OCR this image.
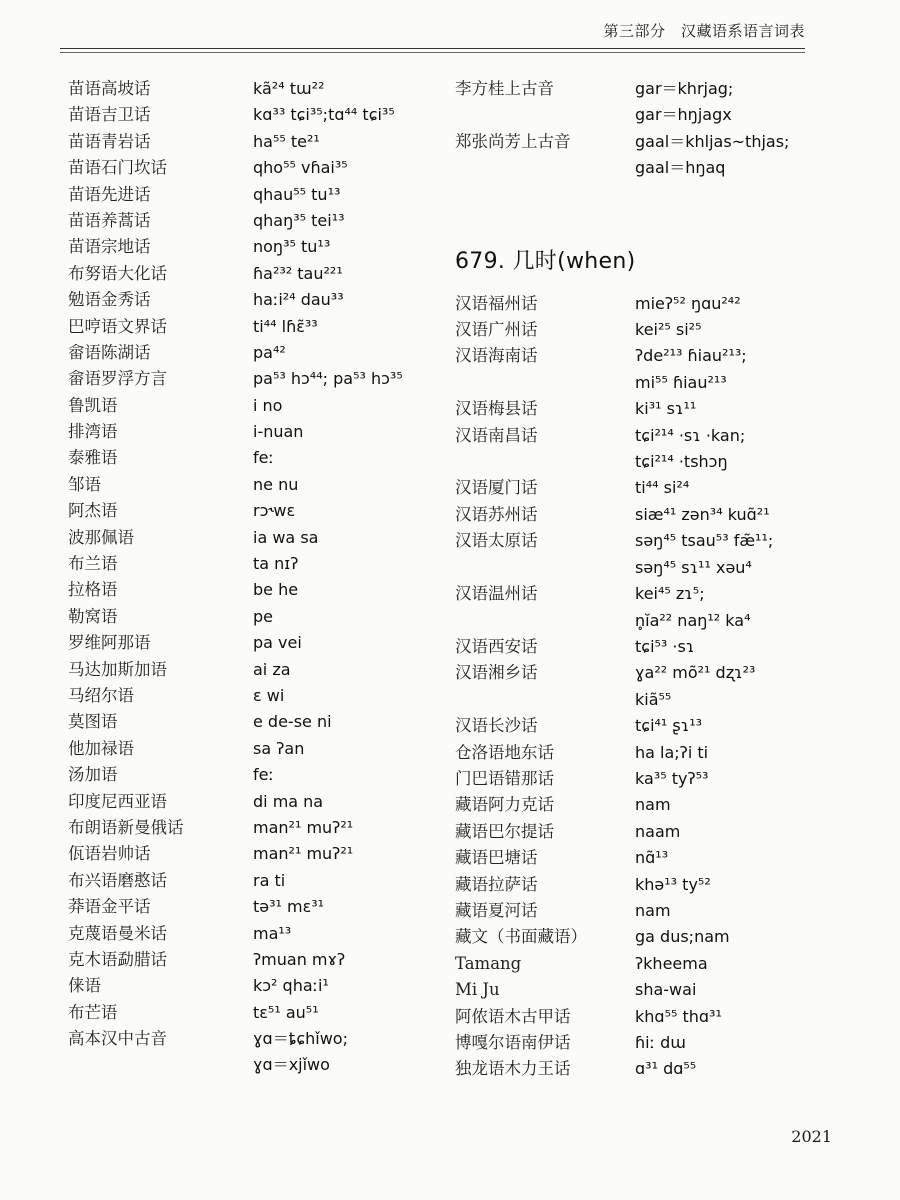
第三部分　汉藏语系语言词表
苗语高坡话	kã²⁴ tɯ²²
苗语吉卫话	kɑ³³ tɕi³⁵;tɑ⁴⁴ tɕi³⁵
苗语青岩话	ha⁵⁵ te²¹
苗语石门坎话	qho⁵⁵ vɦai³⁵
苗语先进话	qhau⁵⁵ tu¹³
苗语养蒿话	qhaŋ³⁵ tei¹³
苗语宗地话	noŋ³⁵ tu¹³
布努语大化话	ɦa²³² tau²²¹
勉语金秀话	haːi²⁴ dau³³
巴哼语文界话	ti⁴⁴ lɦɛ̃³³
畲语陈湖话	pa⁴²
畲语罗浮方言	pa⁵³ hɔ⁴⁴; pa⁵³ hɔ³⁵
鲁凯语	i no
排湾语	i-nuan
泰雅语	feː
邹语	ne nu
阿杰语	rɔ˞wɛ
波那佩语	ia wa sa
布兰语	ta nɪʔ
拉格语	be he
勒窝语	pe
罗维阿那语	pa vei
马达加斯加语	ai za
马绍尔语	ɛ wi
莫图语	e de-se ni
他加禄语	sa ʔan
汤加语	feː
印度尼西亚语	di ma na
布朗语新曼俄话	man²¹ muʔ²¹
佤语岩帅话	man²¹ muʔ²¹
布兴语磨憨话	ra ti
莽语金平话	tə³¹ mɛ³¹
克蔑语曼米话	ma¹³
克木语勐腊话	ʔmuan mɤʔ
俫语	kɔ² qhaːi¹
布芒语	tɛ⁵¹ au⁵¹
高本汉中古音	ɣɑ＝ȶɕhǐwo;
ɣɑ＝xjǐwo
李方桂上古音	gar＝khrjag;
gar＝hŋjagx
郑张尚芳上古音	gaal＝khljas~thjas;
gaal＝hŋaq
679. 几时(when)
汉语福州话	mieʔ⁵² ŋɑu²⁴²
汉语广州话	kei²⁵ si²⁵
汉语海南话	ʔde²¹³ ɦiau²¹³;
mi⁵⁵ ɦiau²¹³
汉语梅县话	ki³¹ sɿ¹¹
汉语南昌话	tɕi²¹⁴ ·sɿ ·kan;
tɕi²¹⁴ ·tshɔŋ
汉语厦门话	ti⁴⁴ si²⁴
汉语苏州话	siæ⁴¹ zən³⁴ kuɑ̃²¹
汉语太原话	səŋ⁴⁵ tsau⁵³ fæ̃¹¹;
səŋ⁴⁵ sɿ¹¹ xəu⁴
汉语温州话	kei⁴⁵ zɿ⁵;
n̥ĭa²² naŋ¹² ka⁴
汉语西安话	tɕi⁵³ ·sɿ
汉语湘乡话	ɣa²² mõ²¹ dʐɿ²³
kiã⁵⁵
汉语长沙话	tɕi⁴¹ ʂɿ¹³
仓洛语地东话	ha la;ʔi ti
门巴语错那话	ka³⁵ tyʔ⁵³
藏语阿力克话	nam
藏语巴尔提话	naam
藏语巴塘话	nɑ̃¹³
藏语拉萨话	khə¹³ ty⁵²
藏语夏河话	nam
藏文（书面藏语）	ga dus;nam
Tamang	ʔkheema
Mi Ju	sha-wai
阿侬语木古甲话	khɑ⁵⁵ thɑ³¹
博嘎尔语南伊话	ɦiː dɯ
独龙语木力王话	ɑ³¹ dɑ⁵⁵
2021
